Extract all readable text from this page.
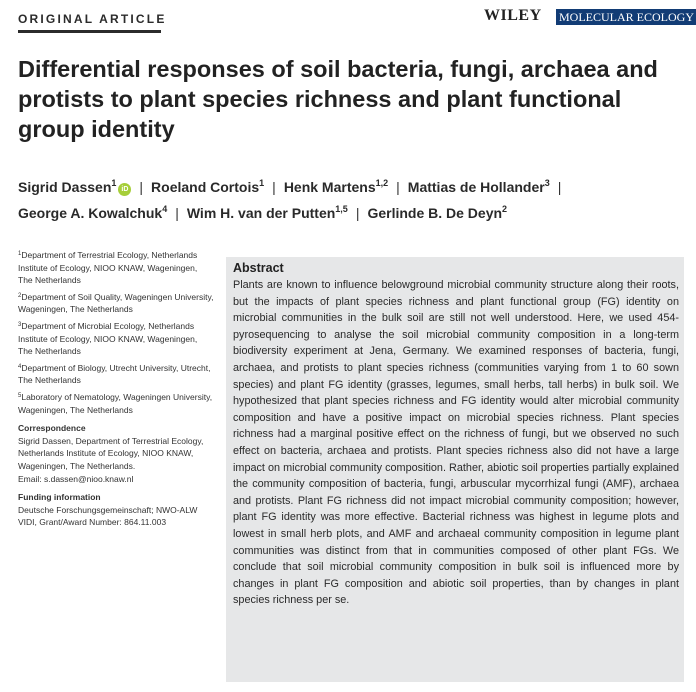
ORIGINAL ARTICLE	WILEY MOLECULAR ECOLOGY
Differential responses of soil bacteria, fungi, archaea and protists to plant species richness and plant functional group identity
Sigrid Dassen$^1$iD | Roeland Cortois$^1$ | Henk Martens$^{1,2}$ | Mattias de Hollander$^3$ |
George A. Kowalchuk$^4$ | Wim H. van der Putten$^{1,5}$ | Gerlinde B. De Deyn$^2$
$^1$Department of Terrestrial Ecology, Netherlands Institute of Ecology, NIOO KNAW, Wageningen, The Netherlands
$^2$Department of Soil Quality, Wageningen University, Wageningen, The Netherlands
$^3$Department of Microbial Ecology, Netherlands Institute of Ecology, NIOO KNAW, Wageningen, The Netherlands
$^4$Department of Biology, Utrecht University, Utrecht, The Netherlands
$^5$Laboratory of Nematology, Wageningen University, Wageningen, The Netherlands
Correspondence
Sigrid Dassen, Department of Terrestrial Ecology, Netherlands Institute of Ecology, NIOO KNAW, Wageningen, The Netherlands.
Email: s.dassen@nioo.knaw.nl
Funding information
Deutsche Forschungsgemeinschaft; NWO-ALW VIDI, Grant/Award Number: 864.11.003
Abstract

Plants are known to influence belowground microbial community structure along their roots, but the impacts of plant species richness and plant functional group (FG) identity on microbial communities in the bulk soil are still not well understood. Here, we used 454-pyrosequencing to analyse the soil microbial community composition in a long-term biodiversity experiment at Jena, Germany. We examined responses of bacteria, fungi, archaea, and protists to plant species richness (communities varying from 1 to 60 sown species) and plant FG identity (grasses, legumes, small herbs, tall herbs) in bulk soil. We hypothesized that plant species richness and FG identity would alter microbial community composition and have a positive impact on microbial species richness. Plant species richness had a marginal positive effect on the richness of fungi, but we observed no such effect on bacteria, archaea and protists. Plant species richness also did not have a large impact on microbial community composition. Rather, abiotic soil properties partially explained the community composition of bacteria, fungi, arbuscular mycorrhizal fungi (AMF), archaea and protists. Plant FG richness did not impact microbial community composition; however, plant FG identity was more effective. Bacterial richness was highest in legume plots and lowest in small herb plots, and AMF and archaeal community composition in legume plant communities was distinct from that in communities composed of other plant FGs. We conclude that soil microbial community composition in bulk soil is influenced more by changes in plant FG composition and abiotic soil properties, than by changes in plant species richness per se.
